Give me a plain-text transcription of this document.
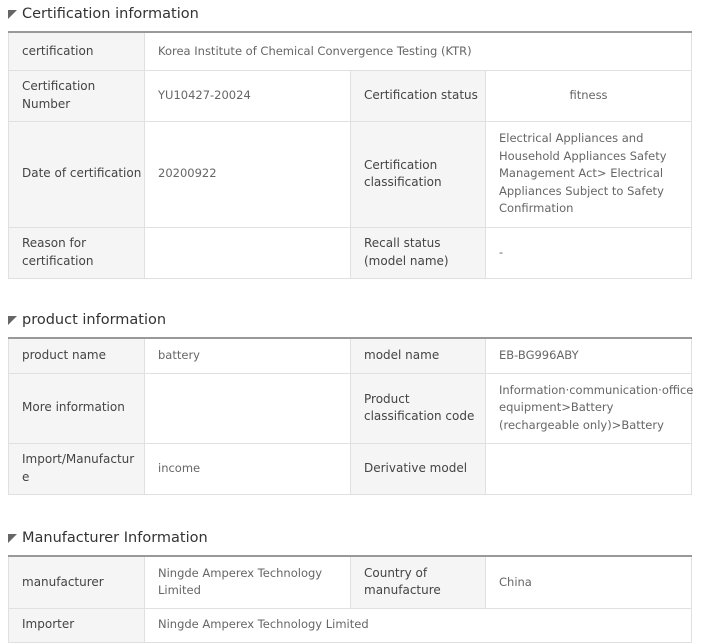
Certification information
certification	Korea Institute of Chemical Convergence Testing (KTR)		
Certification Number	YU10427-20024	Certification status	fitness
Date of certification	20200922	Certification classification	Electrical Appliances and Household Appliances Safety Management Act> Electrical Appliances Subject to Safety Confirmation
Reason for certification		Recall status (model name)	-
product information
product name	battery	model name	EB-BG996ABY
More information		Product classification code	Information·communication·office equipment>Battery (rechargeable only)>Battery
Import/Manufactur e	income	Derivative model	
Manufacturer Information
manufacturer	Ningde Amperex Technology Limited	Country of manufacture	China
Importer	Ningde Amperex Technology Limited		
